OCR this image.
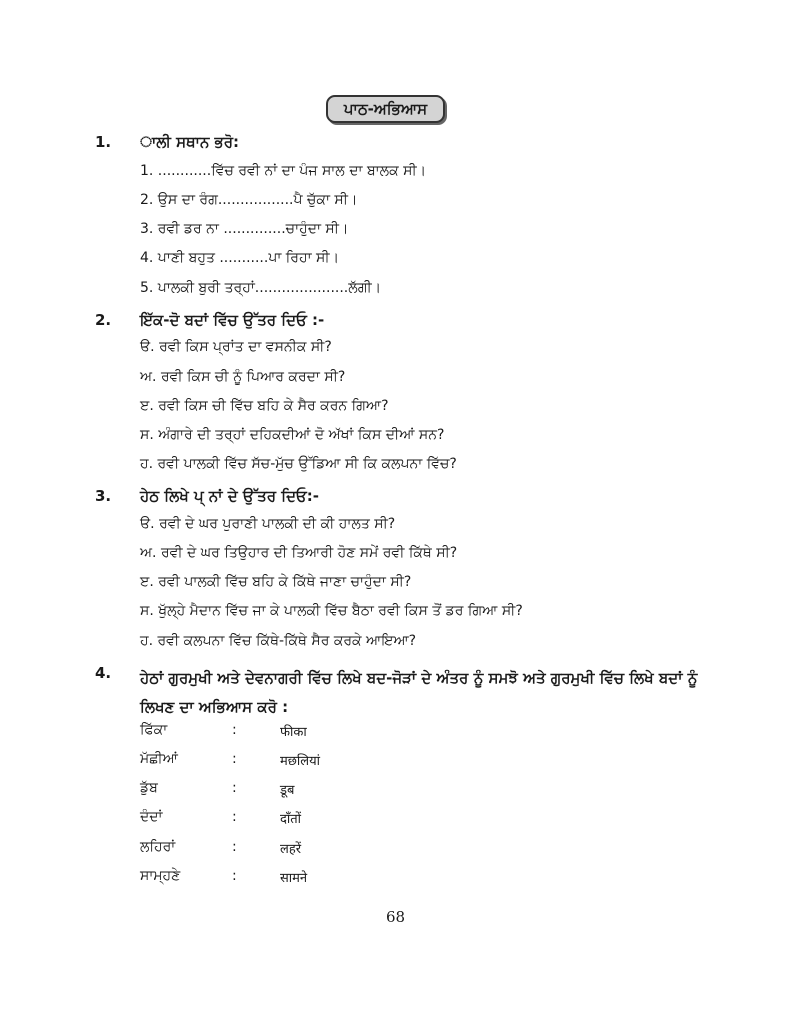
ਪਾਠ-ਅਭਿਆਸ
1. ਾਲੀ ਸਥਾਨ ਭਰੋ:
1. ............ਵਿੱਚ ਰਵੀ ਨਾਂ ਦਾ ਪੰਜ ਸਾਲ ਦਾ ਬਾਲਕ ਸੀ।
2. ਉਸ ਦਾ ਰੰਗ.................ਪੈ ਚੁੱਕਾ ਸੀ।
3. ਰਵੀ ਡਰ ਨਾ ..............ਚਾਹੁੰਦਾ ਸੀ।
4. ਪਾਣੀ ਬਹੁਤ ...........ਪਾ ਰਿਹਾ ਸੀ।
5. ਪਾਲਕੀ ਬੁਰੀ ਤਰ੍ਹਾਂ.....................ਲੱਗੀ।
2. ਇੱਕ-ਦੋ ਬਦਾਂ ਵਿੱਚ ਉੱਤਰ ਦਿਓ :-
ੳ. ਰਵੀ ਕਿਸ ਪ੍ਰਾਂਤ ਦਾ ਵਸਨੀਕ ਸੀ?
ਅ. ਰਵੀ ਕਿਸ ਚੀ ਨੂੰ ਪਿਆਰ ਕਰਦਾ ਸੀ?
ੲ. ਰਵੀ ਕਿਸ ਚੀ ਵਿੱਚ ਬਹਿ ਕੇ ਸੈਰ ਕਰਨ ਗਿਆ?
ਸ. ਅੰਗਾਰੇ ਦੀ ਤਰ੍ਹਾਂ ਦਹਿਕਦੀਆਂ ਦੋ ਅੱਖਾਂ ਕਿਸ ਦੀਆਂ ਸਨ?
ਹ. ਰਵੀ ਪਾਲਕੀ ਵਿੱਚ ਸੱਚ-ਮੁੱਚ ਉੱਡਿਆ ਸੀ ਕਿ ਕਲਪਨਾ ਵਿੱਚ?
3. ਹੇਠ ਲਿਖੇ ਪ੍ ਨਾਂ ਦੇ ਉੱਤਰ ਦਿਓ:-
ੳ. ਰਵੀ ਦੇ ਘਰ ਪੁਰਾਣੀ ਪਾਲਕੀ ਦੀ ਕੀ ਹਾਲਤ ਸੀ?
ਅ. ਰਵੀ ਦੇ ਘਰ ਤਿਉਹਾਰ ਦੀ ਤਿਆਰੀ ਹੋਣ ਸਮੇਂ ਰਵੀ ਕਿੱਥੇ ਸੀ?
ੲ. ਰਵੀ ਪਾਲਕੀ ਵਿੱਚ ਬਹਿ ਕੇ ਕਿੱਥੇ ਜਾਣਾ ਚਾਹੁੰਦਾ ਸੀ?
ਸ. ਖੁੱਲ੍ਹੇ ਮੈਦਾਨ ਵਿੱਚ ਜਾ ਕੇ ਪਾਲਕੀ ਵਿੱਚ ਬੈਠਾ ਰਵੀ ਕਿਸ ਤੋਂ ਡਰ ਗਿਆ ਸੀ?
ਹ. ਰਵੀ ਕਲਪਨਾ ਵਿੱਚ ਕਿੱਥੇ-ਕਿੱਥੇ ਸੈਰ ਕਰਕੇ ਆਇਆ?
4. ਹੇਠਾਂ ਗੁਰਮੁਖੀ ਅਤੇ ਦੇਵਨਾਗਰੀ ਵਿੱਚ ਲਿਖੇ ਬਦ-ਜੋੜਾਂ ਦੇ ਅੰਤਰ ਨੂੰ ਸਮਝੋ ਅਤੇ ਗੁਰਮੁਖੀ ਵਿੱਚ ਲਿਖੇ ਬਦਾਂ ਨੂੰ ਲਿਖਣ ਦਾ ਅਭਿਆਸ ਕਰੋ :
ਫਿੱਕਾ	:	फीका
ਮੱਛੀਆਂ	:	मछलियां
ਡੁੱਬ	:	डूब
ਦੰਦਾਂ	:	दाँतों
ਲਹਿਰਾਂ	:	लहरें
ਸਾਮ੍ਹਣੇ	:	सामने
68
